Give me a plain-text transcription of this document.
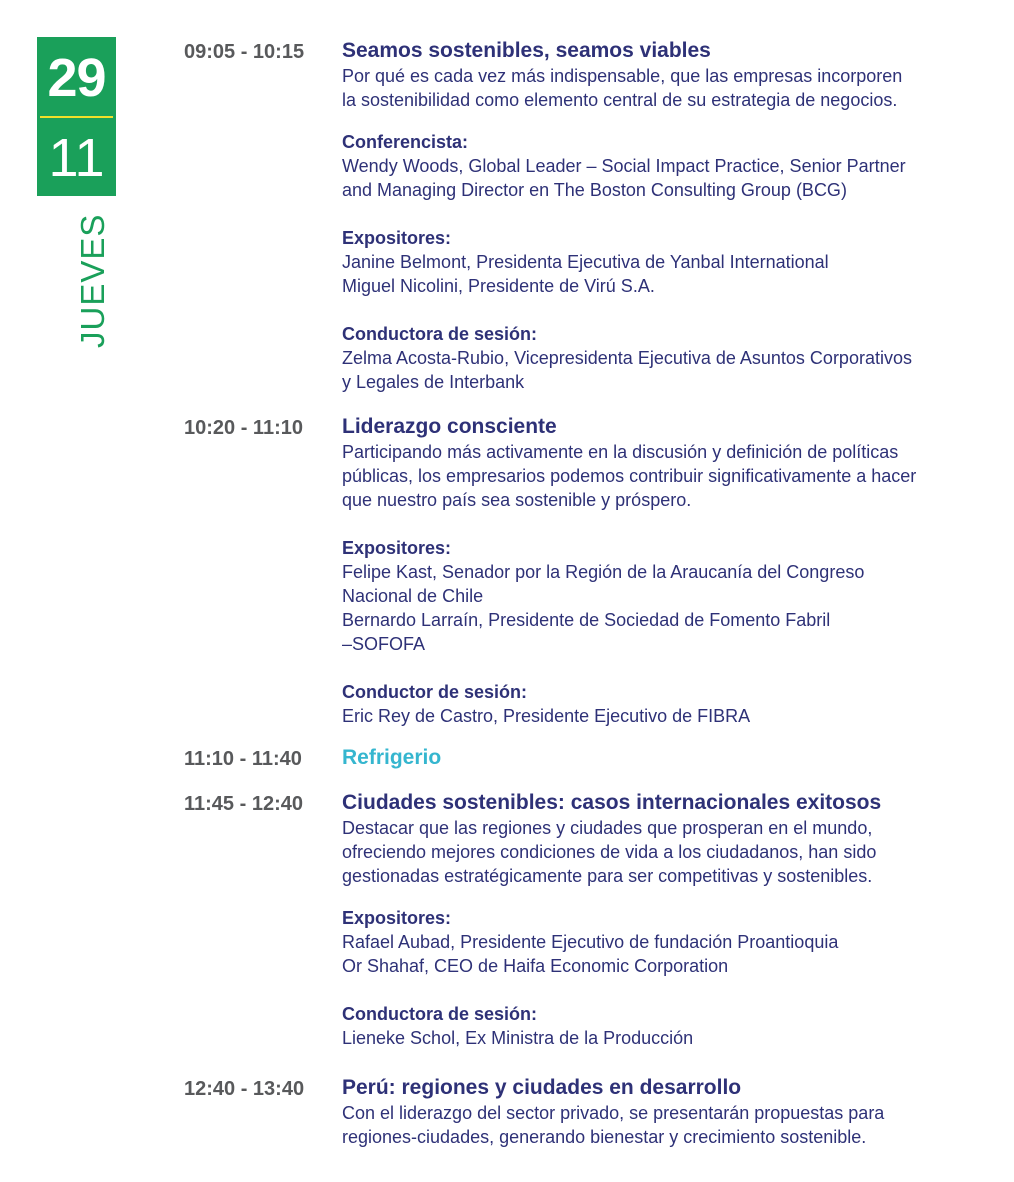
29
11
JUEVES
09:05 - 10:15	Seamos sostenibles, seamos viables
Por qué es cada vez más indispensable, que las empresas incorporen
la sostenibilidad como elemento central de su estrategia de negocios.
Conferencista:
Wendy Woods, Global Leader – Social Impact Practice, Senior Partner
and Managing Director en The Boston Consulting Group (BCG)
Expositores:
Janine Belmont, Presidenta Ejecutiva de Yanbal International
Miguel Nicolini, Presidente de Virú S.A.
Conductora de sesión:
Zelma Acosta-Rubio, Vicepresidenta Ejecutiva de Asuntos Corporativos
y Legales de Interbank
10:20 - 11:10	Liderazgo consciente
Participando más activamente en la discusión y definición de políticas
públicas, los empresarios podemos contribuir significativamente a hacer
que nuestro país sea sostenible y próspero.
Expositores:
Felipe Kast, Senador por la Región de la Araucanía del Congreso
Nacional de Chile
Bernardo Larraín, Presidente de Sociedad de Fomento Fabril
–SOFOFA
Conductor de sesión:
Eric Rey de Castro, Presidente Ejecutivo de FIBRA
11:10 - 11:40	Refrigerio
11:45 - 12:40	Ciudades sostenibles: casos internacionales exitosos
Destacar que las regiones y ciudades que prosperan en el mundo,
ofreciendo mejores condiciones de vida a los ciudadanos, han sido
gestionadas estratégicamente para ser competitivas y sostenibles.
Expositores:
Rafael Aubad, Presidente Ejecutivo de fundación Proantioquia
Or Shahaf, CEO de Haifa Economic Corporation
Conductora de sesión:
Lieneke Schol, Ex Ministra de la Producción
12:40 - 13:40	Perú: regiones y ciudades en desarrollo
Con el liderazgo del sector privado, se presentarán propuestas para
regiones-ciudades, generando bienestar y crecimiento sostenible.
